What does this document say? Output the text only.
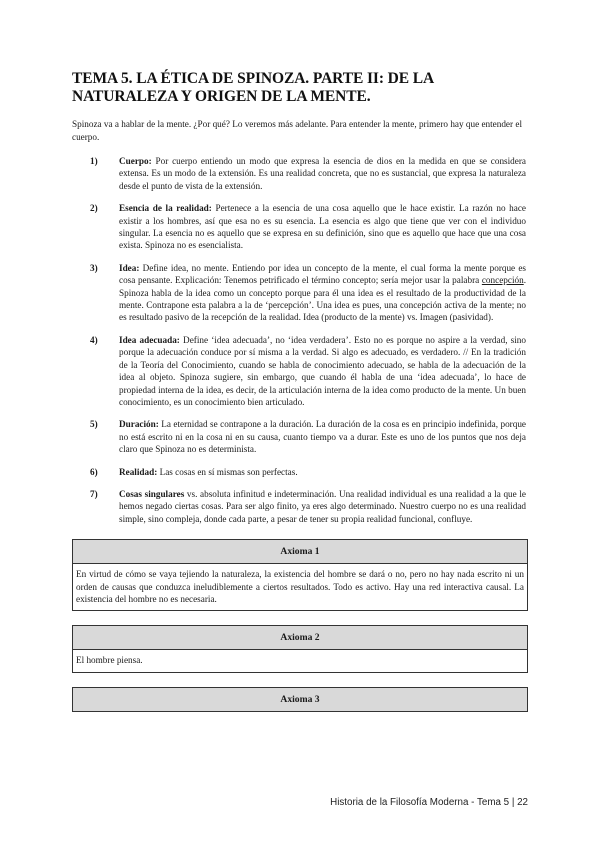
TEMA 5. LA ÉTICA DE SPINOZA. PARTE II: DE LA NATURALEZA Y ORIGEN DE LA MENTE.

Spinoza va a hablar de la mente. ¿Por qué? Lo veremos más adelante. Para entender la mente, primero hay que entender el cuerpo.

1) Cuerpo: Por cuerpo entiendo un modo que expresa la esencia de dios en la medida en que se considera extensa. Es un modo de la extensión. Es una realidad concreta, que no es sustancial, que expresa la naturaleza desde el punto de vista de la extensión.
2) Esencia de la realidad: Pertenece a la esencia de una cosa aquello que le hace existir. La razón no hace existir a los hombres, así que esa no es su esencia. La esencia es algo que tiene que ver con el individuo singular. La esencia no es aquello que se expresa en su definición, sino que es aquello que hace que una cosa exista. Spinoza no es esencialista.
3) Idea: Define idea, no mente. Entiendo por idea un concepto de la mente, el cual forma la mente porque es cosa pensante. Explicación: Tenemos petrificado el término concepto; sería mejor usar la palabra concepción. Spinoza habla de la idea como un concepto porque para él una idea es el resultado de la productividad de la mente. Contrapone esta palabra a la de ‘percepción’. Una idea es pues, una concepción activa de la mente; no es resultado pasivo de la recepción de la realidad. Idea (producto de la mente) vs. Imagen (pasividad).
4) Idea adecuada: Define ‘idea adecuada’, no ‘idea verdadera’. Esto no es porque no aspire a la verdad, sino porque la adecuación conduce por sí misma a la verdad. Si algo es adecuado, es verdadero. // En la tradición de la Teoría del Conocimiento, cuando se habla de conocimiento adecuado, se habla de la adecuación de la idea al objeto. Spinoza sugiere, sin embargo, que cuando él habla de una ‘idea adecuada’, lo hace de propiedad interna de la idea, es decir, de la articulación interna de la idea como producto de la mente. Un buen conocimiento, es un conocimiento bien articulado.
5) Duración: La eternidad se contrapone a la duración. La duración de la cosa es en principio indefinida, porque no está escrito ni en la cosa ni en su causa, cuanto tiempo va a durar. Este es uno de los puntos que nos deja claro que Spinoza no es determinista.
6) Realidad: Las cosas en sí mismas son perfectas.
7) Cosas singulares vs. absoluta infinitud e indeterminación. Una realidad individual es una realidad a la que le hemos negado ciertas cosas. Para ser algo finito, ya eres algo determinado. Nuestro cuerpo no es una realidad simple, sino compleja, donde cada parte, a pesar de tener su propia realidad funcional, confluye.
Axioma 1
En virtud de cómo se vaya tejiendo la naturaleza, la existencia del hombre se dará o no, pero no hay nada escrito ni un orden de causas que conduzca ineludiblemente a ciertos resultados. Todo es activo. Hay una red interactiva causal. La existencia del hombre no es necesaria.
Axioma 2
El hombre piensa.
Axioma 3
Historia de la Filosofía Moderna - Tema 5 | 22
